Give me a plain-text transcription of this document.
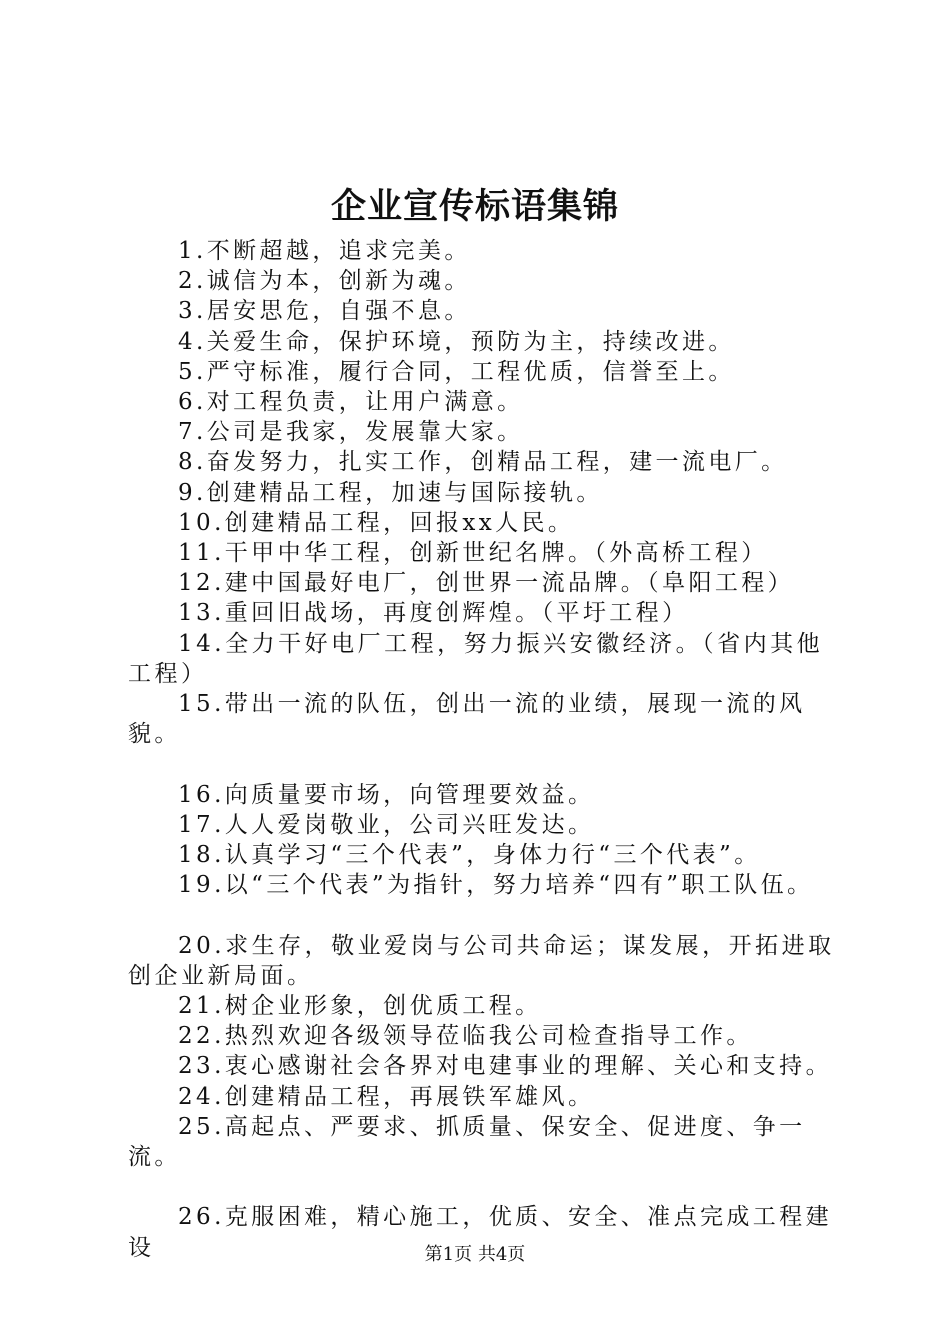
企业宣传标语集锦

1.不断超越，追求完美。

2.诚信为本，创新为魂。

3.居安思危，自强不息。

4.关爱生命，保护环境，预防为主，持续改进。

5.严守标准，履行合同，工程优质，信誉至上。

6.对工程负责，让用户满意。

7.公司是我家，发展靠大家。

8.奋发努力，扎实工作，创精品工程，建一流电厂。

9.创建精品工程，加速与国际接轨。

10.创建精品工程，回报xx人民。

11.干甲中华工程，创新世纪名牌。（外高桥工程）

12.建中国最好电厂，创世界一流品牌。（阜阳工程）

13.重回旧战场，再度创辉煌。（平圩工程）

14.全力干好电厂工程，努力振兴安徽经济。（省内其他工程）

15.带出一流的队伍，创出一流的业绩，展现一流的风貌。

16.向质量要市场，向管理要效益。

17.人人爱岗敬业，公司兴旺发达。

18.认真学习“三个代表”，身体力行“三个代表”。

19.以“三个代表”为指针，努力培养“四有”职工队伍。

20.求生存，敬业爱岗与公司共命运；谋发展，开拓进取创企业新局面。

21.树企业形象，创优质工程。

22.热烈欢迎各级领导莅临我公司检查指导工作。

23.衷心感谢社会各界对电建事业的理解、关心和支持。

24.创建精品工程，再展铁军雄风。

25.高起点、严要求、抓质量、保安全、促进度、争一流。

26.克服困难，精心施工，优质、安全、准点完成工程建设	第1页 共4页
